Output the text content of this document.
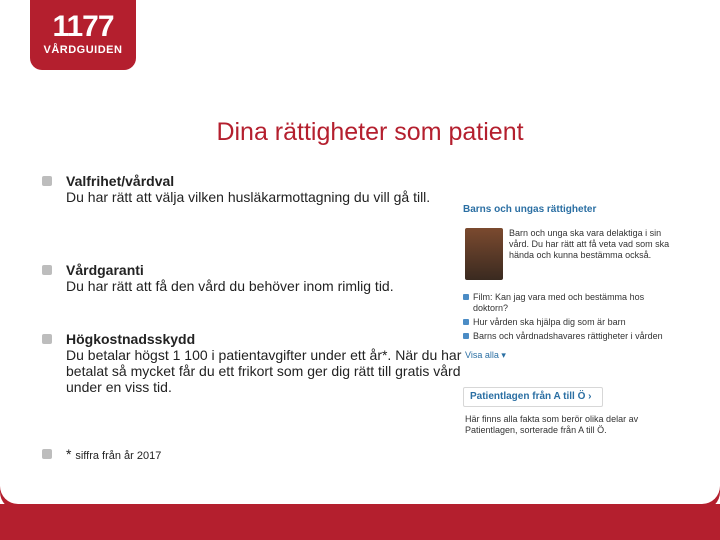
1177
VÅRDGUIDEN
Dina rättigheter som patient
Valfrihet/vårdval
Du har rätt att välja vilken husläkarmottagning du vill gå till.
Vårdgaranti
Du har rätt att få den vård du behöver inom rimlig tid.
Högkostnadsskydd
Du betalar högst 1 100 i patientavgifter under ett år*. När du har betalat så mycket får du ett frikort som ger dig rätt till gratis vård under en viss tid.
* siffra från år 2017
Barns och ungas rättigheter
Barn och unga ska vara delaktiga i sin vård. Du har rätt att få veta vad som ska hända och kunna bestämma också.
Film: Kan jag vara med och bestämma hos doktorn?
Hur vården ska hjälpa dig som är barn
Barns och vårdnadshavares rättigheter i vården
Visa alla ▾
Patientlagen från A till Ö ›
Här finns alla fakta som berör olika delar av Patientlagen, sorterade från A till Ö.
